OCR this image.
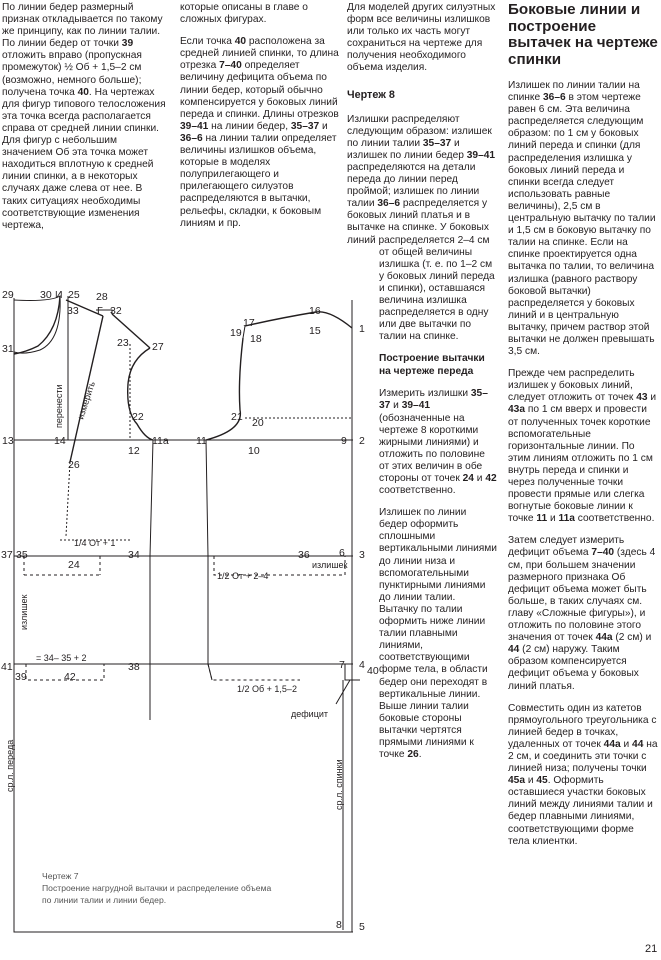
По линии бедер размерный признак откладывается по такому же принципу, как по линии талии. По линии бедер от точки 39 отложить вправо (пропускная промежуток) ½ Об + 1,5–2 см (возможно, немного больше); получена точка 40. На чертежах для фигур типового телосложения эта точка всегда располагается справа от средней линии спинки. Для фигур с небольшим значением Об эта точка может находиться вплотную к средней линии спинки, а в некоторых случаях даже слева от нее. В таких ситуациях необходимы соответствующие изменения чертежа,

которые описаны в главе о сложных фигурах.

Если точка 40 расположена за средней линией спинки, то длина отрезка 7–40 определяет величину дефицита объема по линии бедер, который обычно компенсируется у боковых линий переда и спинки. Длины отрезков 39–41 на линии бедер, 35–37 и 36–6 на линии талии определяет величины излишков объема, которые в моделях полуприлегающего и прилегающего силуэтов распределяются в вытачки, рельефы, складки, к боковым линиям и пр.

Для моделей других силуэтных форм все величины излишков или только их часть могут сохраниться на чертеже для получения необходимого объема изделия.

Чертеж 8

Излишки распределяют следующим образом: излишек по линии талии 35–37 и излишек по линии бедер 39–41 распределяются на детали переда до линии перед проймой; излишек по линии талии 36–6 распределяется у боковых линий платья и в вытачке на спинке. У боковых линий распределяется 2–4 см

от общей величины излишка (т. е. по 1–2 см у боковых линий переда и спинки), оставшаяся величина излишка распределяется в одну или две вытачки по талии на спинке.

Построение вытачки на чертеже переда

Измерить излишки 35–37 и 39–41 (обозначенные на чертеже 8 короткими жирными линиями) и отложить по половине от этих величин в обе стороны от точек 24 и 42 соответственно.

Излишек по линии бедер оформить сплошными вертикальными линиями до линии низа и вспомогательными пунктирными линиями до линии талии. Вытачку по талии оформить ниже линии талии плавными линиями, соответствующими форме тела, в области бедер они переходят в вертикальные линии. Выше линии талии боковые стороны вытачки чертятся прямыми линиями к точке 26.

Боковые линии и построение вытачек на чертеже спинки

Излишек по линии талии на спинке 36–6 в этом чертеже равен 6 см. Эта величина распределяется следующим образом: по 1 см у боковых линий переда и спинки (для распределения излишка у боковых линий переда и спинки всегда следует использовать равные величины), 2,5 см в центральную вытачку по талии и 1,5 см в боковую вытачку по талии на спинке. Если на спинке проектируется одна вытачка по талии, то величина излишка (равного раствору боковой вытачки) распределяется у боковых линий и в центральную вытачку, причем раствор этой вытачки не должен превышать 3,5 см.

Прежде чем распределить излишек у боковых линий, следует отложить от точек 43 и 43a по 1 см вверх и провести от полученных точек короткие вспомогательные горизонтальные линии. По этим линиям отложить по 1 см внутрь переда и спинки и через полученные точки провести прямые или слегка вогнутые боковые линии к точке 11 и 11a соответственно.

Затем следует измерить дефицит объема 7–40 (здесь 4 см, при большем значении размерного признака Об дефицит объема может быть больше, в таких случаях см. главу «Сложные фигуры»), и отложить по половине этого значения от точек 44a (2 см) и 44 (2 см) наружу. Таким образом компенсируется дефицит объема у боковых линий платья.

Совместить один из катетов прямоугольного треугольника с линией бедер в точках, удаленных от точек 44a и 44 на 2 см, и соединить эти точки с линией низа; получены точки 45a и 45. Оформить оставшиеся участки боковых линий между линиями талии и бедер плавными линиями, соответствующими форме тела клиентки.

29	30 И 25 28
Г
33	32
31	23 27
22
13	14
26
12
11a	11
10
9 2
21 20
17
16
15
19 18
1
37 35
24
34	36	6 3
41
39	42
38	7 4 40
8 5
перенести измерить
1/4 От + 1
излишек
излишек
1/2 От + 2–4
= 34– 35 + 2
1/2 Об + 1,5–2
дефицит
ср.л. переда	ср.л. спинки
Чертеж 7
Построение нагрудной вытачки и распределение объема по линии талии и линии бедер.
21
